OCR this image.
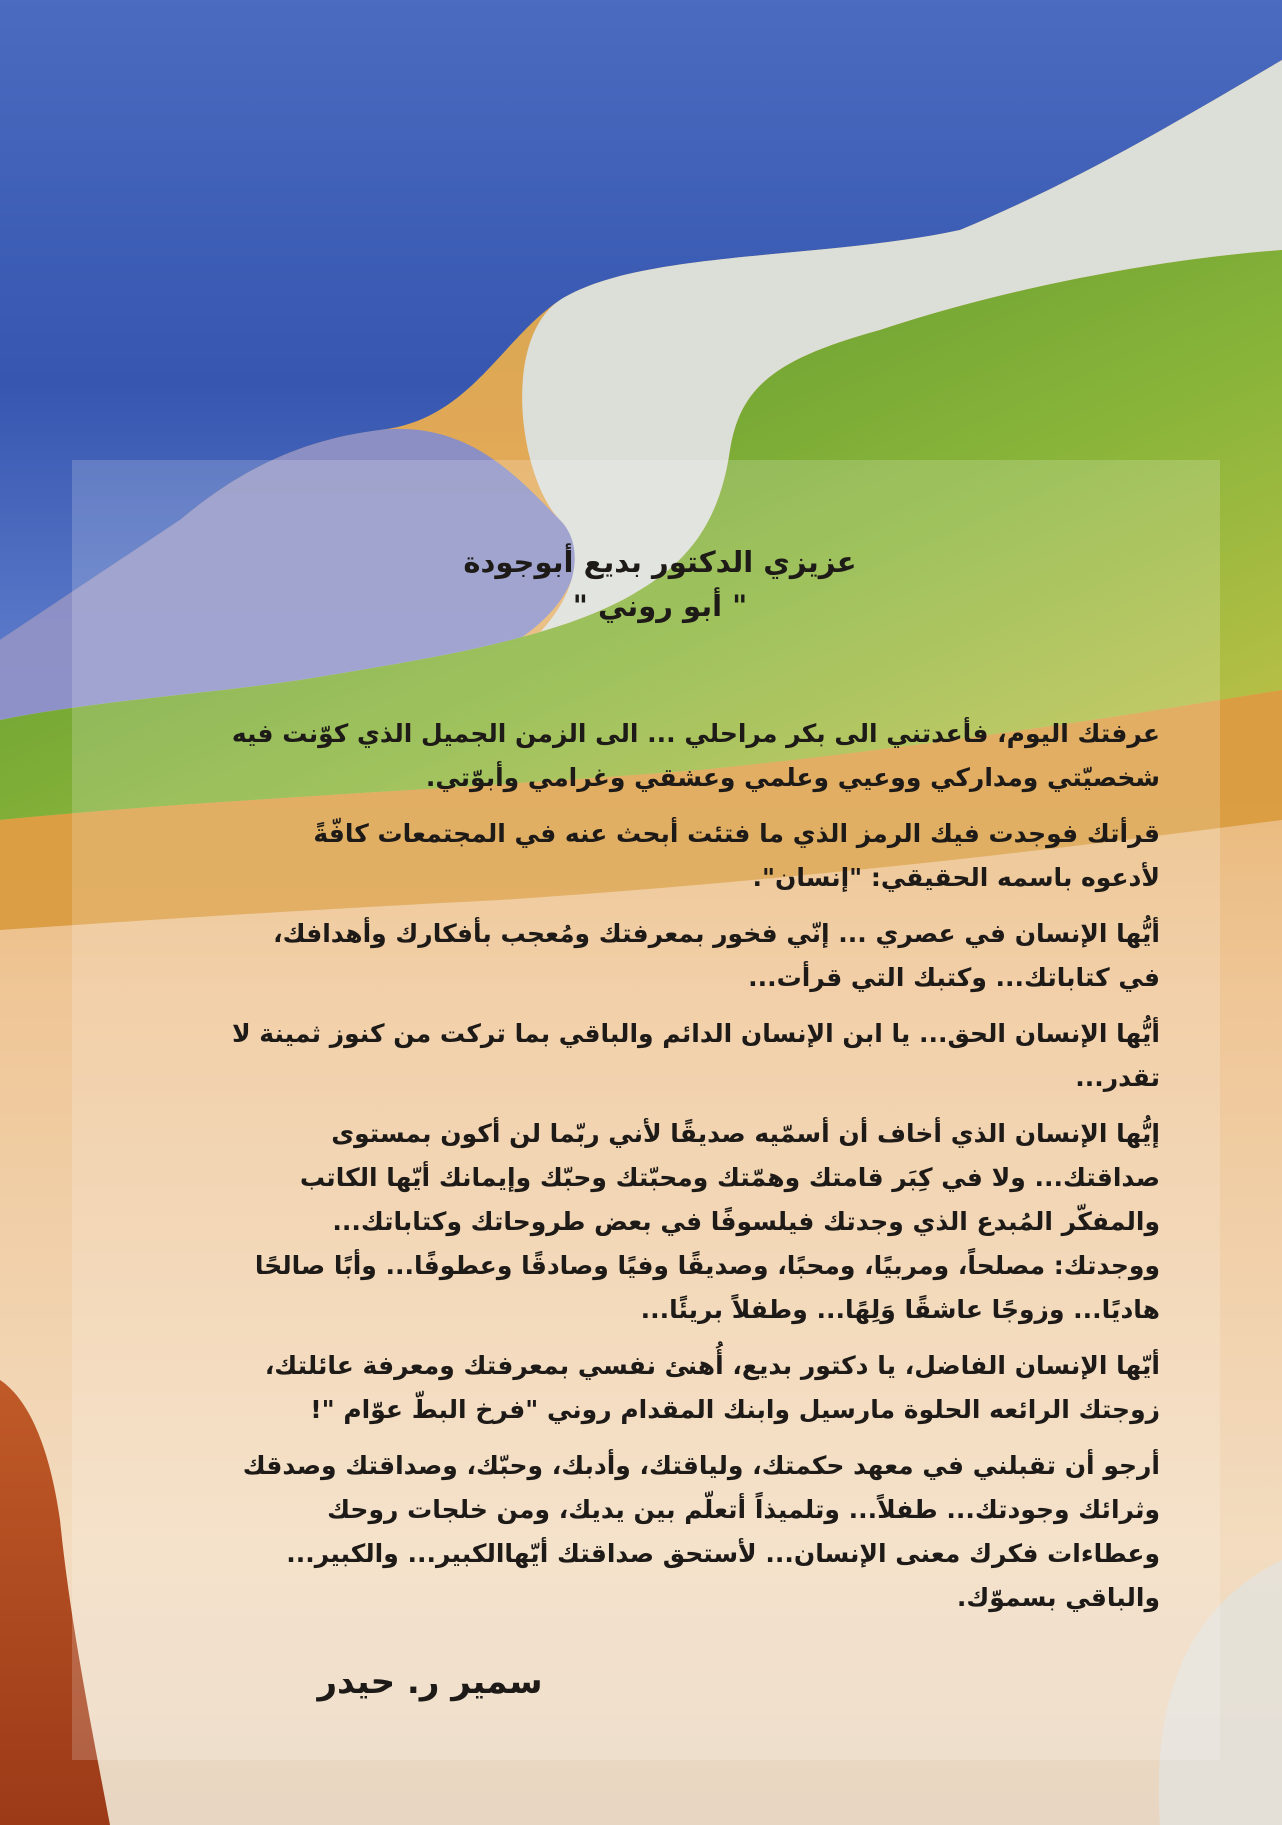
عزيزي الدكتور بديع أبوجودة

" أبو روني "

عرفتك اليوم، فأعدتني الى بكر مراحلي ... الى الزمن الجميل الذي كوّنت فيه شخصيّتي ومداركي ووعيي وعلمي وعشقي وغرامي وأبوّتي.

قرأتك فوجدت فيك الرمز الذي ما فتئت أبحث عنه في المجتمعات كافّةً لأدعوه باسمه الحقيقي: "إنسان".

أيُّها الإنسان في عصري ... إنّي فخور بمعرفتك ومُعجب بأفكارك وأهدافك، في كتاباتك... وكتبك التي قرأت...

أيُّها الإنسان الحق... يا ابن الإنسان الدائم والباقي بما تركت من كنوز ثمينة لا تقدر...

إيُّها الإنسان الذي أخاف أن أسمّيه صديقًا لأني ربّما لن أكون بمستوى صداقتك... ولا في كِبَر قامتك وهمّتك ومحبّتك وحبّك وإيمانك أيّها الكاتب والمفكّر المُبدع الذي وجدتك فيلسوفًا في بعض طروحاتك وكتاباتك... ووجدتك: مصلحاً، ومربيًا، ومحبًا، وصديقًا وفيًا وصادقًا وعطوفًا... وأبًا صالحًا هاديًا... وزوجًا عاشقًا وَلِهًا... وطفلاً بريئًا...

أيّها الإنسان الفاضل، يا دكتور بديع، أُهنئ نفسي بمعرفتك ومعرفة عائلتك، زوجتك الرائعه الحلوة مارسيل وابنك المقدام روني "فرخ البطّ عوّام "!

أرجو أن تقبلني في معهد حكمتك، ولياقتك، وأدبك، وحبّك، وصداقتك وصدقك وثرائك وجودتك... طفلاً... وتلميذاً أتعلّم بين يديك، ومن خلجات روحك وعطاءات فكرك معنى الإنسان... لأستحق صداقتك أيّهاالكبير... والكبير... والباقي بسموّك.

سمير ر. حيدر
